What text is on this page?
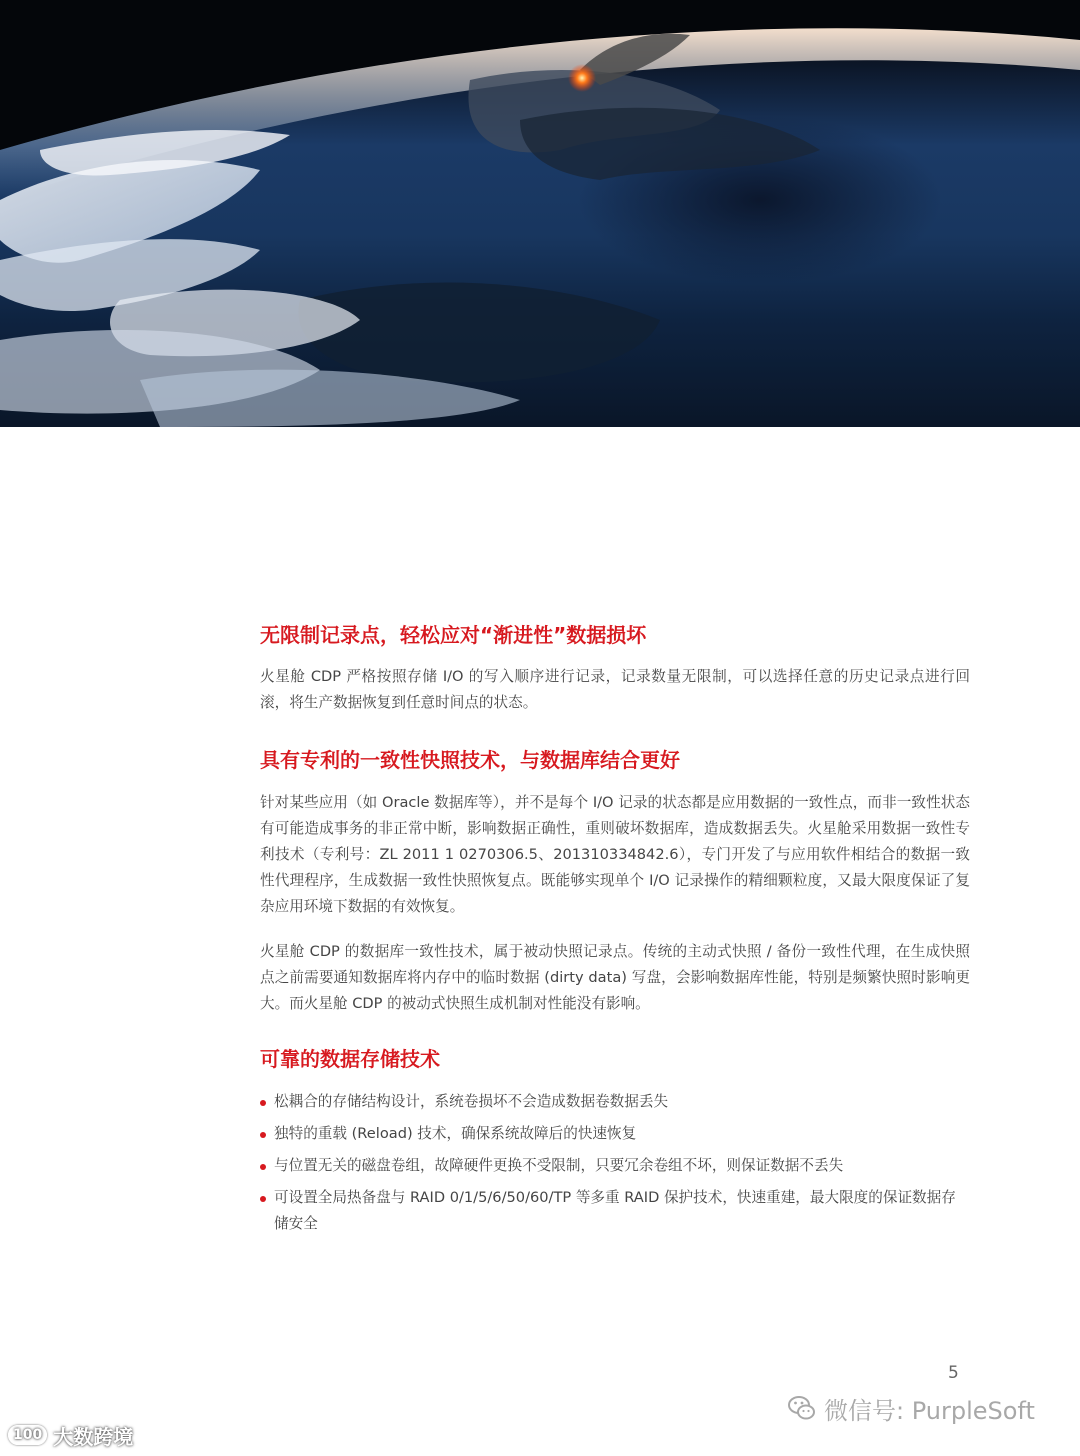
无限制记录点，轻松应对“渐进性”数据损坏

火星舱 CDP 严格按照存储 I/O 的写入顺序进行记录，记录数量无限制，可以选择任意的历史记录点进行回滚，将生产数据恢复到任意时间点的状态。

具有专利的一致性快照技术，与数据库结合更好

针对某些应用（如 Oracle 数据库等），并不是每个 I/O 记录的状态都是应用数据的一致性点，而非一致性状态有可能造成事务的非正常中断，影响数据正确性，重则破坏数据库，造成数据丢失。火星舱采用数据一致性专利技术（专利号：ZL 2011 1 0270306.5、201310334842.6），专门开发了与应用软件相结合的数据一致性代理程序，生成数据一致性快照恢复点。既能够实现单个 I/O 记录操作的精细颗粒度，又最大限度保证了复杂应用环境下数据的有效恢复。

火星舱 CDP 的数据库一致性技术，属于被动快照记录点。传统的主动式快照 / 备份一致性代理，在生成快照点之前需要通知数据库将内存中的临时数据 (dirty data) 写盘，会影响数据库性能，特别是频繁快照时影响更大。而火星舱 CDP 的被动式快照生成机制对性能没有影响。

可靠的数据存储技术
松耦合的存储结构设计，系统卷损坏不会造成数据卷数据丢失
独特的重载 (Reload) 技术，确保系统故障后的快速恢复
与位置无关的磁盘卷组，故障硬件更换不受限制，只要冗余卷组不坏，则保证数据不丢失
可设置全局热备盘与 RAID 0/1/5/6/50/60/TP 等多重 RAID 保护技术，快速重建，最大限度的保证数据存储安全
5
微信号: PurpleSoft
100 大数跨境
